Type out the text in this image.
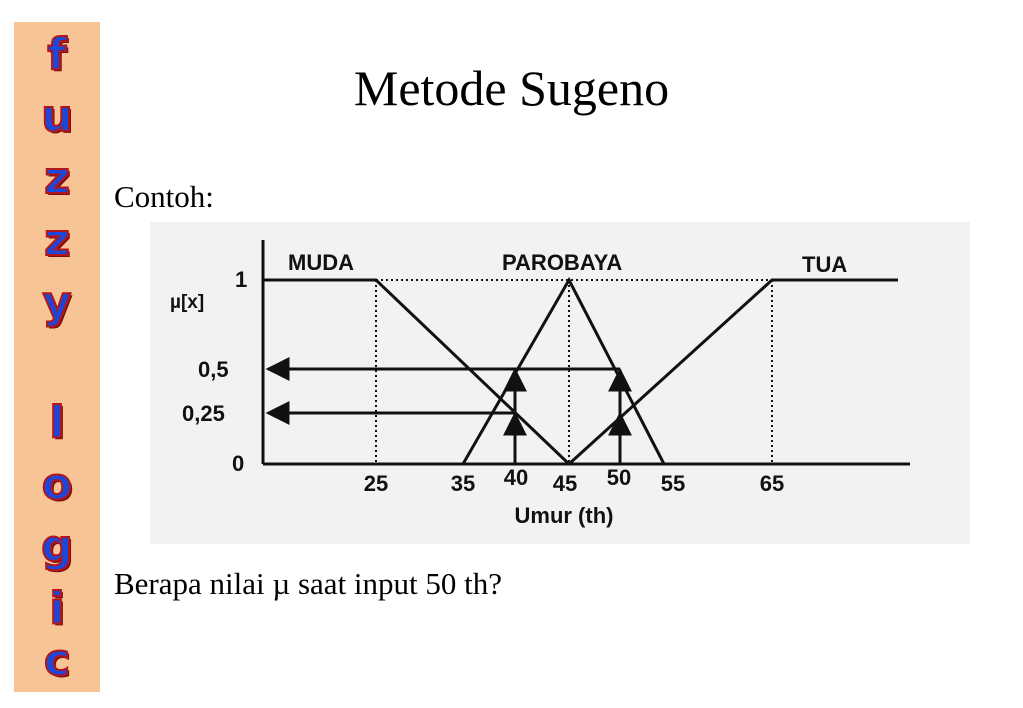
f
u
z
z
y
l
o
g
i
c
Metode Sugeno
Contoh:
MUDA	PAROBAYA	TUA
µ[x]
1
0,5
0,25
0
25	35 40 45 50 55	65
Umur (th)
Berapa nilai µ saat input 50 th?
